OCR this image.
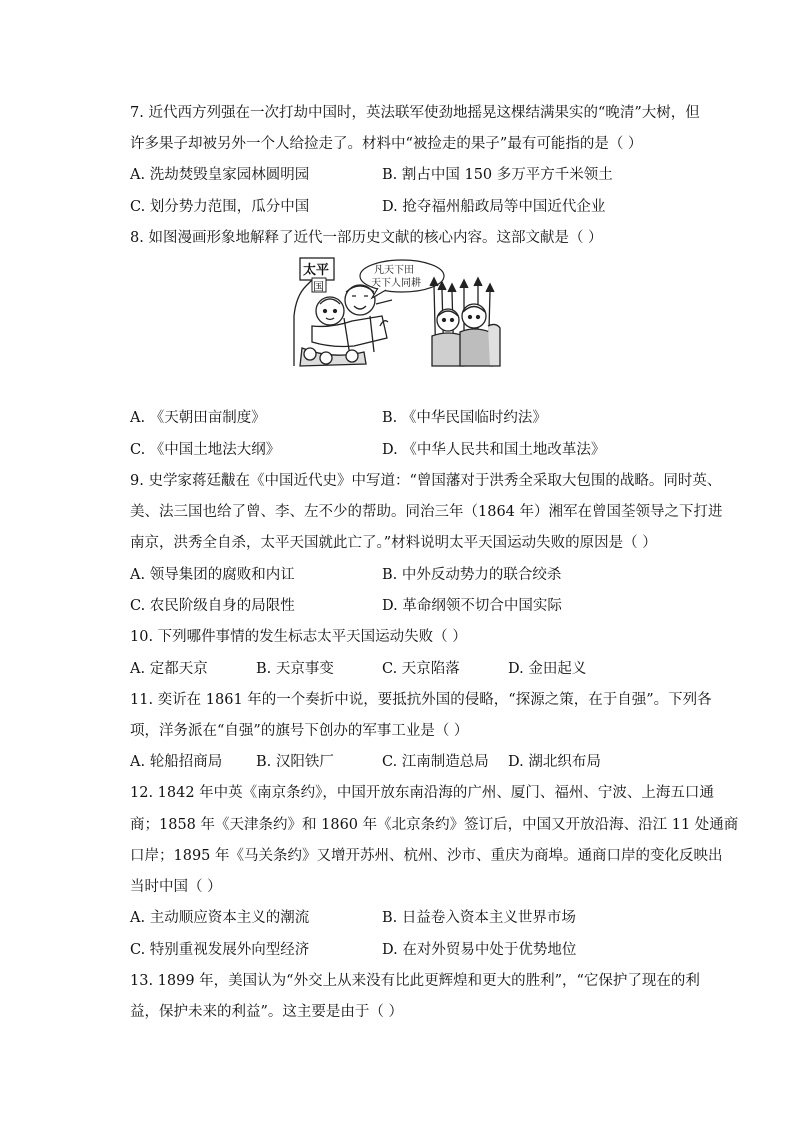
7. 近代西方列强在一次打劫中国时，英法联军使劲地摇晃这棵结满果实的“晚清”大树，但
许多果子却被另外一个人给捡走了。材料中“被捡走的果子”最有可能指的是（ ）
A. 洗劫焚毁皇家园林圆明园	B. 割占中国 150 多万平方千米领土
C. 划分势力范围，瓜分中国	D. 抢夺福州船政局等中国近代企业
8. 如图漫画形象地解释了近代一部历史文献的核心内容。这部文献是（ ）
太平
国
凡天下田
天下人同耕
A. 《天朝田亩制度》	B. 《中华民国临时约法》
C. 《中国土地法大纲》	D. 《中华人民共和国土地改革法》
9. 史学家蒋廷黻在《中国近代史》中写道：“曾国藩对于洪秀全采取大包围的战略。同时英、
美、法三国也给了曾、李、左不少的帮助。同治三年（1864 年）湘军在曾国荃领导之下打进
南京，洪秀全自杀，太平天国就此亡了。”材料说明太平天国运动失败的原因是（ ）
A. 领导集团的腐败和内讧	B. 中外反动势力的联合绞杀
C. 农民阶级自身的局限性	D. 革命纲领不切合中国实际
10. 下列哪件事情的发生标志太平天国运动失败（ ）
A. 定都天京	B. 天京事变	C. 天京陷落	D. 金田起义
11. 奕䜣在 1861 年的一个奏折中说，要抵抗外国的侵略，“探源之策，在于自强”。下列各
项，洋务派在“自强”的旗号下创办的军事工业是（ ）
A. 轮船招商局 B. 汉阳铁厂	C. 江南制造总局 D. 湖北织布局
12. 1842 年中英《南京条约》，中国开放东南沿海的广州、厦门、福州、宁波、上海五口通
商；1858 年《天津条约》和 1860 年《北京条约》签订后，中国又开放沿海、沿江 11 处通商
口岸；1895 年《马关条约》又增开苏州、杭州、沙市、重庆为商埠。通商口岸的变化反映出
当时中国（ ）
A. 主动顺应资本主义的潮流	B. 日益卷入资本主义世界市场
C. 特别重视发展外向型经济	D. 在对外贸易中处于优势地位
13. 1899 年，美国认为“外交上从来没有比此更辉煌和更大的胜利”，“它保护了现在的利
益，保护未来的利益”。这主要是由于（ ）
